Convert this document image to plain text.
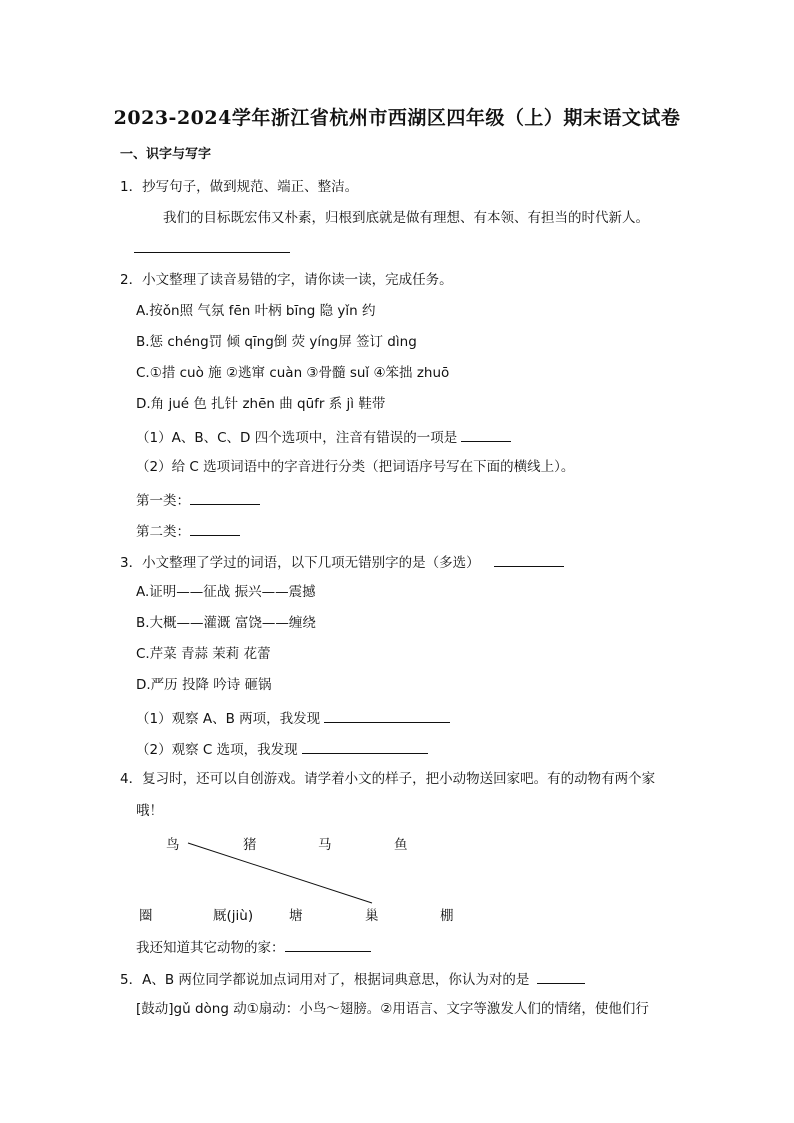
2023-2024学年浙江省杭州市西湖区四年级（上）期末语文试卷
一、识字与写字
1．抄写句子，做到规范、端正、整洁。
我们的目标既宏伟又朴素，归根到底就是做有理想、有本领、有担当的时代新人。
2．小文整理了读音易错的字，请你读一读，完成任务。
A.按ǒn照 气氛 fēn 叶柄 bīng 隐 yǐn 约
B.惩 chéng罚 倾 qīng倒 荧 yíng屏 签订 dìng
C.①措 cuò 施 ②逃窜 cuàn ③骨髓 suǐ ④笨拙 zhuō
D.角 jué 色 扎针 zhēn 曲 qūfr 系 jì 鞋带
（1）A、B、C、D 四个选项中，注音有错误的一项是
（2）给 C 选项词语中的字音进行分类（把词语序号写在下面的横线上）。
第一类：
第二类：
3．小文整理了学过的词语，以下几项无错别字的是（多选）
A.证明——征战 振兴——震撼
B.大概——灌溉 富饶——缠绕
C.芹菜 青蒜 茉莉 花蕾
D.严历 投降 吟诗 砸锅
（1）观察 A、B 两项，我发现
（2）观察 C 选项，我发现
4．复习时，还可以自创游戏。请学着小文的样子，把小动物送回家吧。有的动物有两个家
哦！
鸟	猪	马	鱼
圈	厩(jiù)	塘	巢	棚
我还知道其它动物的家：
5．A、B 两位同学都说加点词用对了，根据词典意思，你认为对的是
[鼓动]gǔ dòng 动①扇动：小鸟～翅膀。②用语言、文字等激发人们的情绪，使他们行
